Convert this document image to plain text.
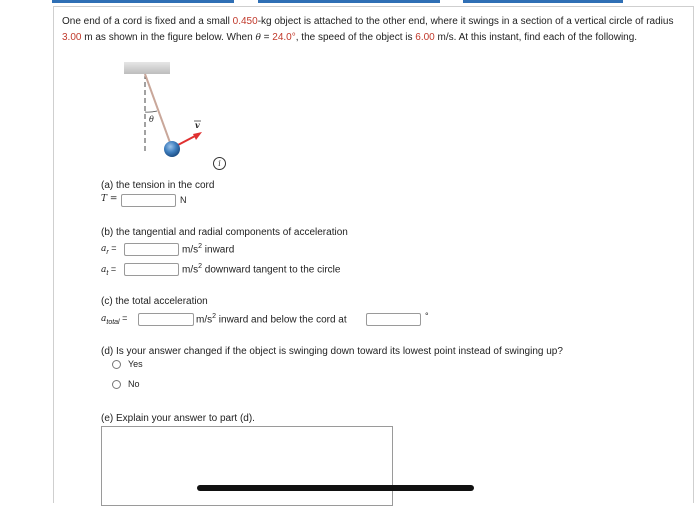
One end of a cord is fixed and a small 0.450-kg object is attached to the other end, where it swings in a section of a vertical circle of radius 3.00 m as shown in the figure below. When θ = 24.0°, the speed of the object is 6.00 m/s. At this instant, find each of the following.
θ
v
i
(a) the tension in the cord
T =	N
(b) the tangential and radial components of acceleration
$a_r$ =	$m/s^2$ inward
$a_t$ =	$m/s^2$ downward tangent to the circle
(c) the total acceleration
$a_{total}$ =	$m/s^2$ inward and below the cord at	°
(d) Is your answer changed if the object is swinging down toward its lowest point instead of swinging up?
Yes
No
(e) Explain your answer to part (d).
